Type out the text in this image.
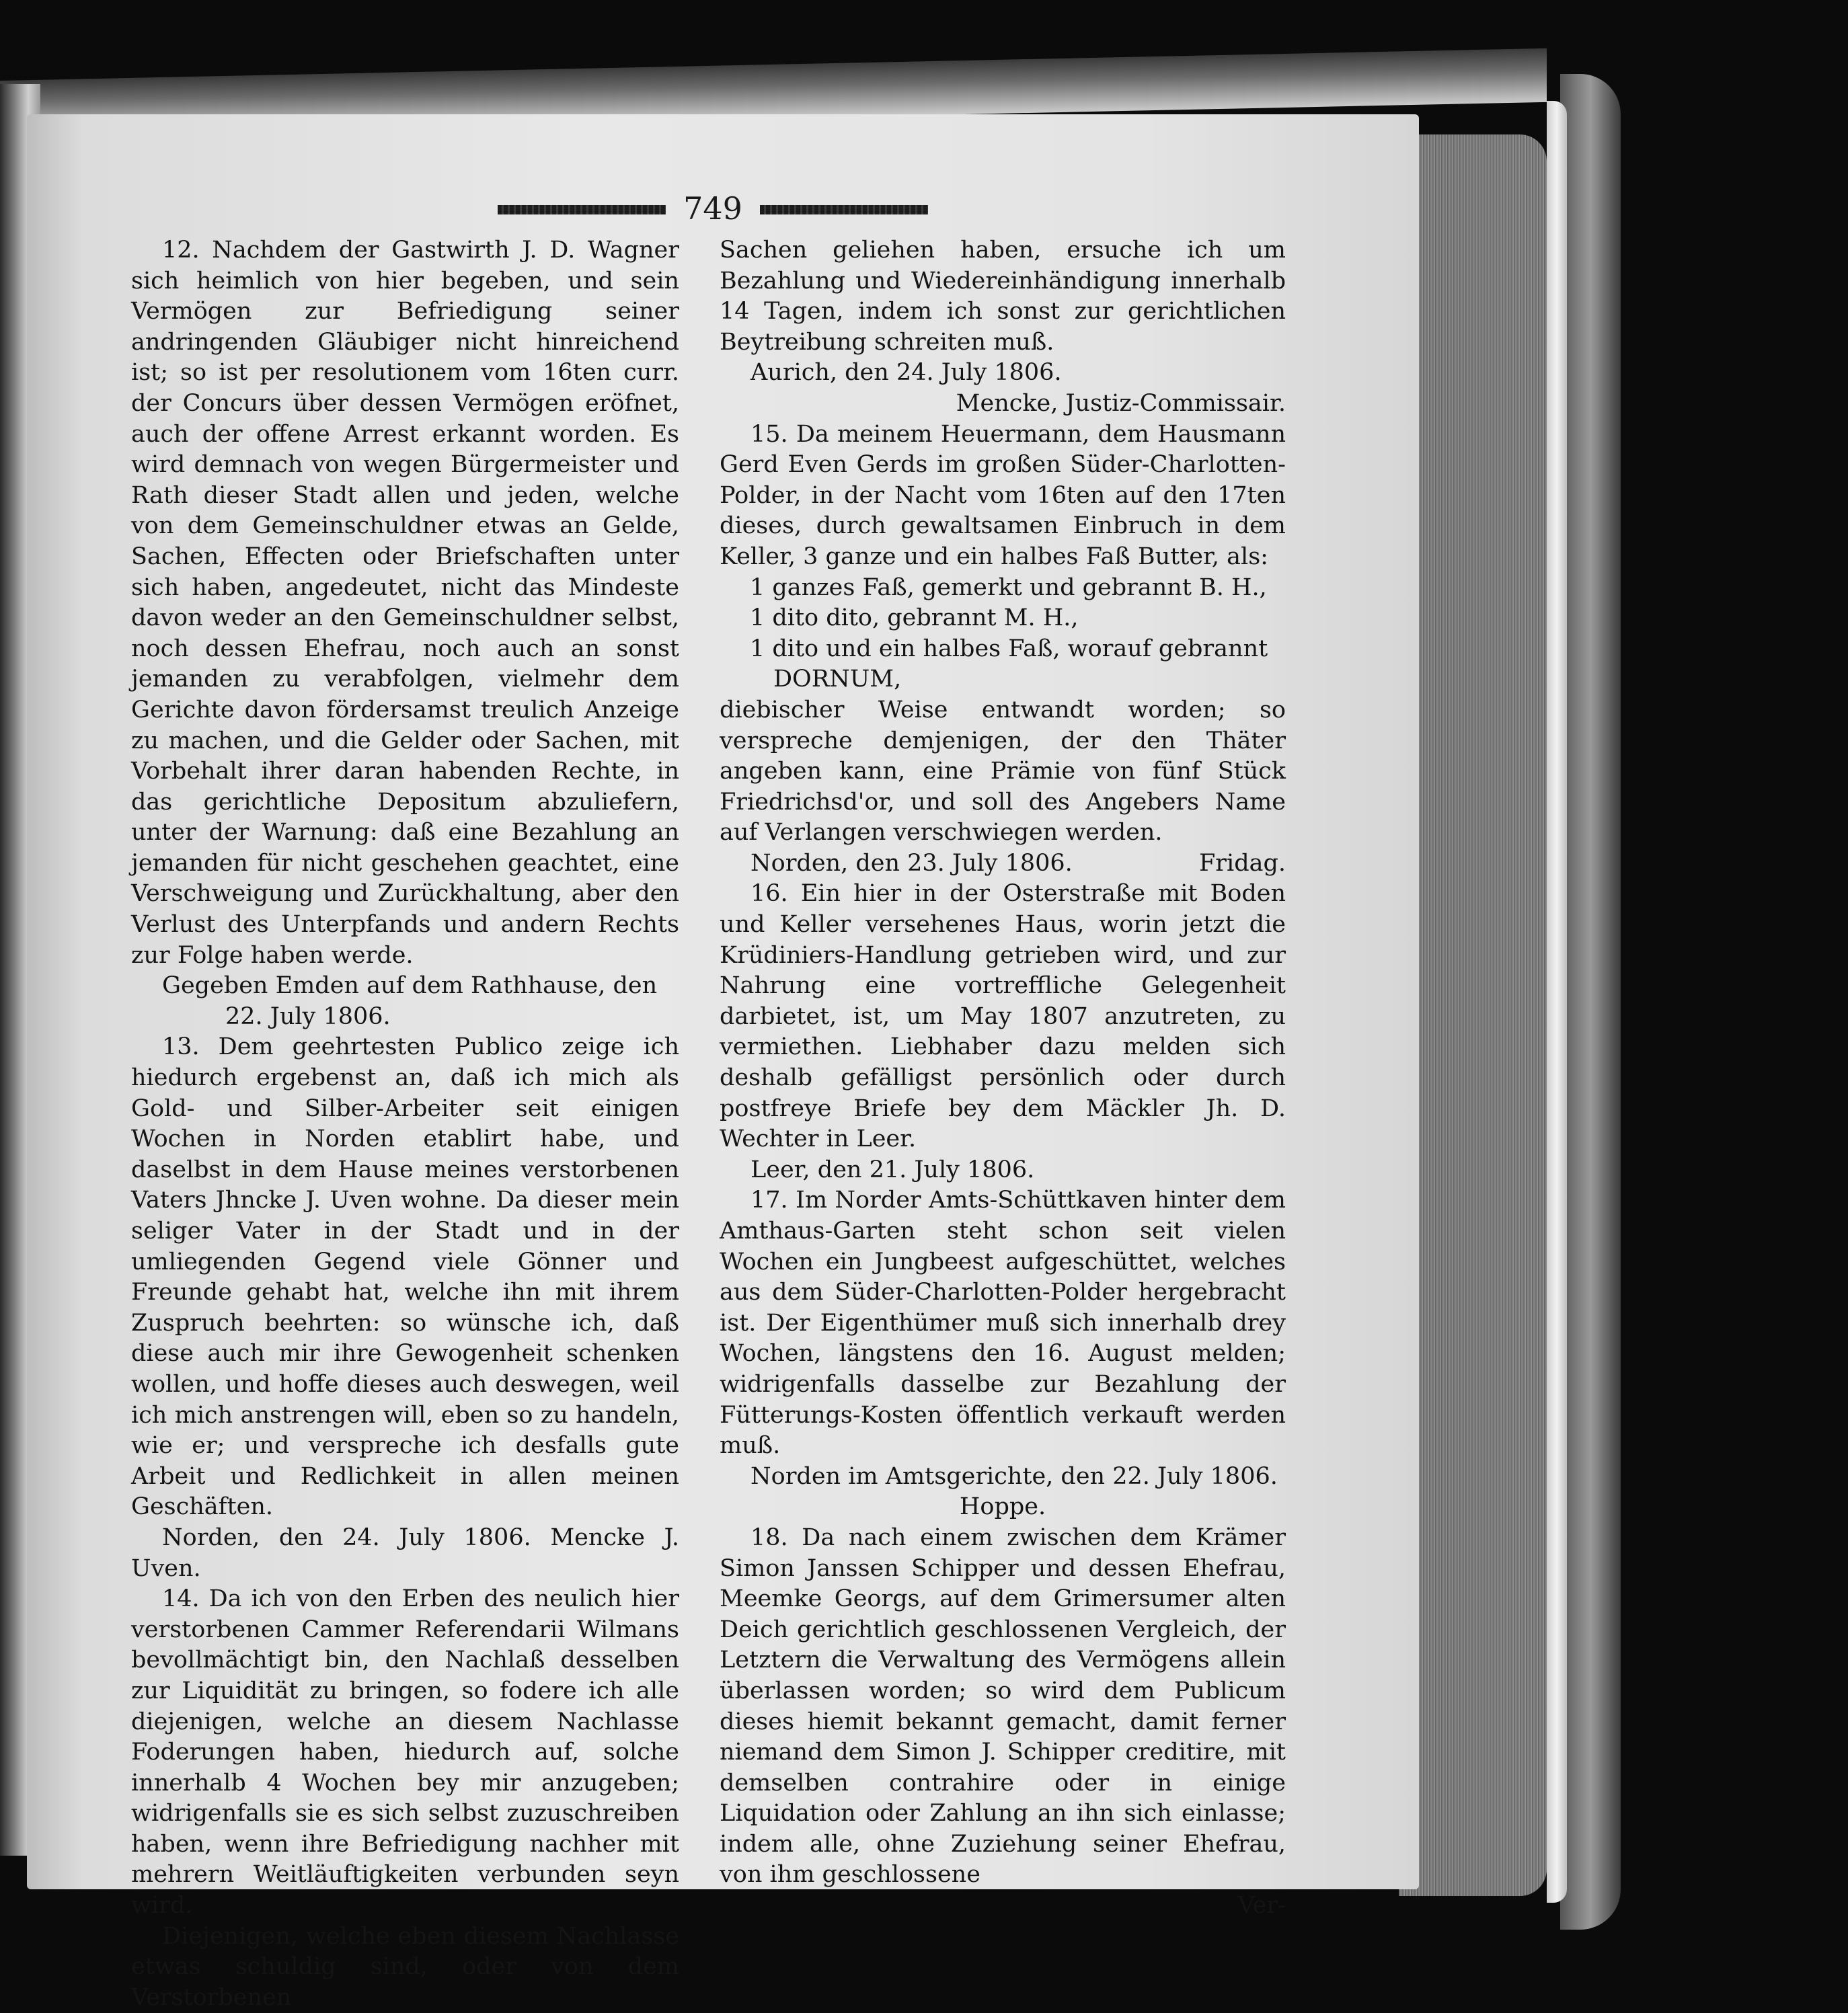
749

12. Nachdem der Gastwirth J. D. Wagner sich heimlich von hier begeben, und sein Vermögen zur Befriedigung seiner andringenden Gläubiger nicht hinreichend ist; so ist per resolutionem vom 16ten curr. der Concurs über dessen Vermögen eröfnet, auch der offene Arrest erkannt worden. Es wird demnach von wegen Bürgermeister und Rath dieser Stadt allen und jeden, welche von dem Gemeinschuldner etwas an Gelde, Sachen, Effecten oder Briefschaften unter sich haben, angedeutet, nicht das Mindeste davon weder an den Gemeinschuldner selbst, noch dessen Ehefrau, noch auch an sonst jemanden zu verabfolgen, vielmehr dem Gerichte davon fördersamst treulich Anzeige zu machen, und die Gelder oder Sachen, mit Vorbehalt ihrer daran habenden Rechte, in das gerichtliche Depositum abzuliefern, unter der Warnung: daß eine Bezahlung an jemanden für nicht geschehen geachtet, eine Verschweigung und Zurückhaltung, aber den Verlust des Unterpfands und andern Rechts zur Folge haben werde.

Gegeben Emden auf dem Rathhause, den

22. July 1806.

13. Dem geehrtesten Publico zeige ich hiedurch ergebenst an, daß ich mich als Gold- und Silber-Arbeiter seit einigen Wochen in Norden etablirt habe, und daselbst in dem Hause meines verstorbenen Vaters Jhncke J. Uven wohne. Da dieser mein seliger Vater in der Stadt und in der umliegenden Gegend viele Gönner und Freunde gehabt hat, welche ihn mit ihrem Zuspruch beehrten: so wünsche ich, daß diese auch mir ihre Gewogenheit schenken wollen, und hoffe dieses auch deswegen, weil ich mich anstrengen will, eben so zu handeln, wie er; und verspreche ich desfalls gute Arbeit und Redlichkeit in allen meinen Geschäften.

Norden, den 24. July 1806. Mencke J. Uven.

14. Da ich von den Erben des neulich hier verstorbenen Cammer Referendarii Wilmans bevollmächtigt bin, den Nachlaß desselben zur Liquidität zu bringen, so fodere ich alle diejenigen, welche an diesem Nachlasse Foderungen haben, hiedurch auf, solche innerhalb 4 Wochen bey mir anzugeben; widrigenfalls sie es sich selbst zuzuschreiben haben, wenn ihre Befriedigung nachher mit mehrern Weitläuftigkeiten verbunden seyn wird.

Diejenigen, welche eben diesem Nachlasse etwas schuldig sind, oder von dem Verstorbenen

Sachen geliehen haben, ersuche ich um Bezahlung und Wiedereinhändigung innerhalb 14 Tagen, indem ich sonst zur gerichtlichen Beytreibung schreiten muß.

Aurich, den 24. July 1806.

Mencke, Justiz-Commissair.

15. Da meinem Heuermann, dem Hausmann Gerd Even Gerds im großen Süder-Charlotten-Polder, in der Nacht vom 16ten auf den 17ten dieses, durch gewaltsamen Einbruch in dem Keller, 3 ganze und ein halbes Faß Butter, als:

1 ganzes Faß, gemerkt und gebrannt B. H.,

1 dito dito, gebrannt M. H.,

1 dito und ein halbes Faß, worauf gebrannt

DORNUM,

diebischer Weise entwandt worden; so verspreche demjenigen, der den Thäter angeben kann, eine Prämie von fünf Stück Friedrichsd'or, und soll des Angebers Name auf Verlangen verschwiegen werden.

Norden, den 23. July 1806.	Fridag.

16. Ein hier in der Osterstraße mit Boden und Keller versehenes Haus, worin jetzt die Krüdiniers-Handlung getrieben wird, und zur Nahrung eine vortreffliche Gelegenheit darbietet, ist, um May 1807 anzutreten, zu vermiethen. Liebhaber dazu melden sich deshalb gefälligst persönlich oder durch postfreye Briefe bey dem Mäckler Jh. D. Wechter in Leer.

Leer, den 21. July 1806.

17. Im Norder Amts-Schüttkaven hinter dem Amthaus-Garten steht schon seit vielen Wochen ein Jungbeest aufgeschüttet, welches aus dem Süder-Charlotten-Polder hergebracht ist. Der Eigenthümer muß sich innerhalb drey Wochen, längstens den 16. August melden; widrigenfalls dasselbe zur Bezahlung der Fütterungs-Kosten öffentlich verkauft werden muß.

Norden im Amtsgerichte, den 22. July 1806.

Hoppe.

18. Da nach einem zwischen dem Krämer Simon Janssen Schipper und dessen Ehefrau, Meemke Georgs, auf dem Grimersumer alten Deich gerichtlich geschlossenen Vergleich, der Letztern die Verwaltung des Vermögens allein überlassen worden; so wird dem Publicum dieses hiemit bekannt gemacht, damit ferner niemand dem Simon J. Schipper creditire, mit demselben contrahire oder in einige Liquidation oder Zahlung an ihn sich einlasse; indem alle, ohne Zuziehung seiner Ehefrau, von ihm geschlossene

Ver-
